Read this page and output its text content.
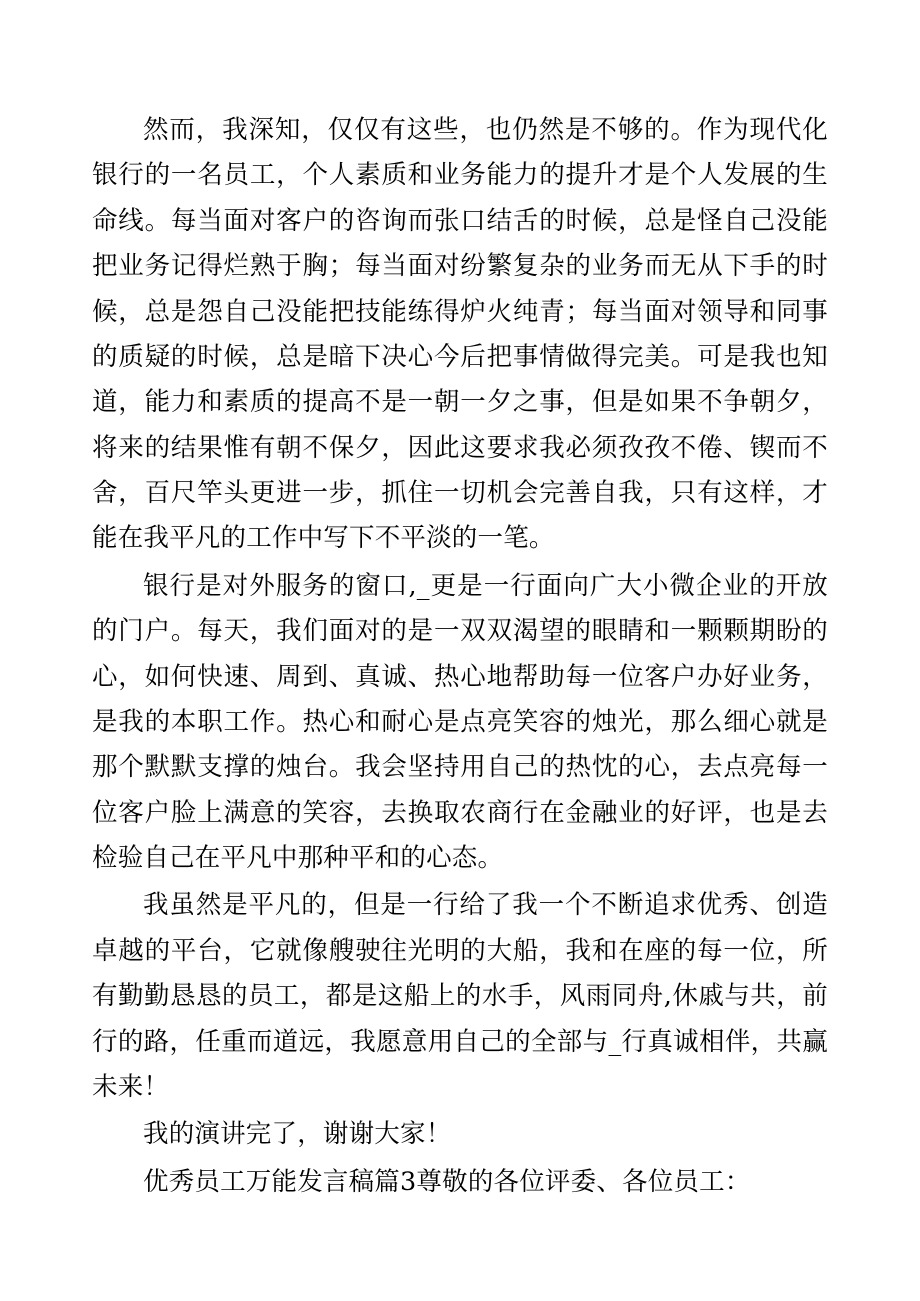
然而，我深知，仅仅有这些，也仍然是不够的。作为现代化银行的一名员工，个人素质和业务能力的提升才是个人发展的生命线。每当面对客户的咨询而张口结舌的时候，总是怪自己没能把业务记得烂熟于胸；每当面对纷繁复杂的业务而无从下手的时候，总是怨自己没能把技能练得炉火纯青；每当面对领导和同事的质疑的时候，总是暗下决心今后把事情做得完美。可是我也知道，能力和素质的提高不是一朝一夕之事，但是如果不争朝夕，将来的结果惟有朝不保夕，因此这要求我必须孜孜不倦、锲而不舍，百尺竿头更进一步，抓住一切机会完善自我，只有这样，才能在我平凡的工作中写下不平淡的一笔。

银行是对外服务的窗口,_更是一行面向广大小微企业的开放的门户。每天，我们面对的是一双双渴望的眼睛和一颗颗期盼的心，如何快速、周到、真诚、热心地帮助每一位客户办好业务，是我的本职工作。热心和耐心是点亮笑容的烛光，那么细心就是那个默默支撑的烛台。我会坚持用自己的热忱的心，去点亮每一位客户脸上满意的笑容，去换取农商行在金融业的好评，也是去检验自己在平凡中那种平和的心态。

我虽然是平凡的，但是一行给了我一个不断追求优秀、创造卓越的平台，它就像艘驶往光明的大船，我和在座的每一位，所有勤勤恳恳的员工，都是这船上的水手，风雨同舟,休戚与共，前行的路，任重而道远，我愿意用自己的全部与_行真诚相伴，共赢未来！

我的演讲完了，谢谢大家！

优秀员工万能发言稿篇3尊敬的各位评委、各位员工：
